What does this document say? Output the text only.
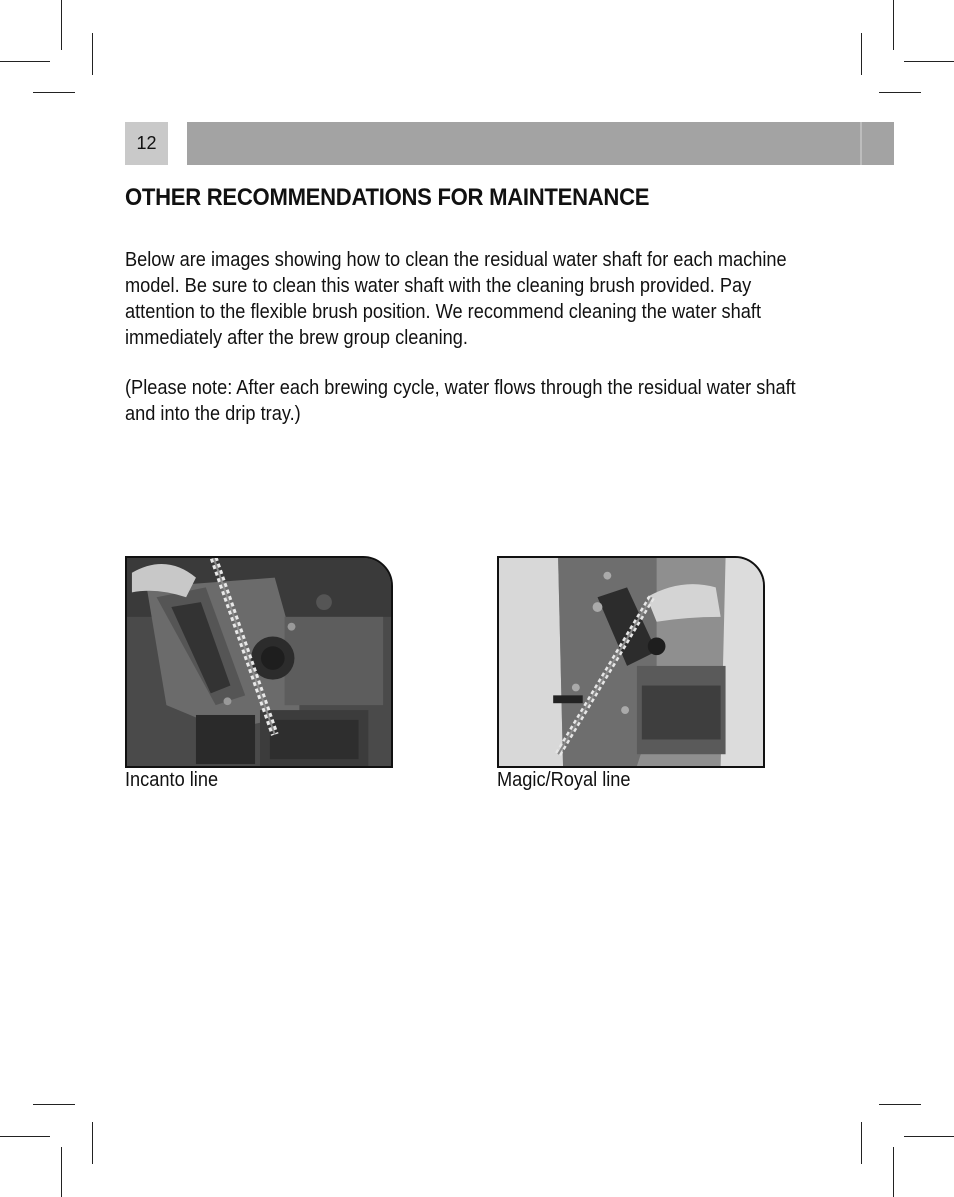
12
OTHER RECOMMENDATIONS FOR MAINTENANCE

Below are images showing how to clean the residual water shaft for each machine model. Be sure to clean this water shaft with the cleaning brush provided. Pay attention to the flexible brush position. We recommend cleaning the water shaft immediately after the brew group cleaning.

(Please note: After each brewing cycle, water flows through the residual water shaft and into the drip tray.)

Incanto line	Magic/Royal line
